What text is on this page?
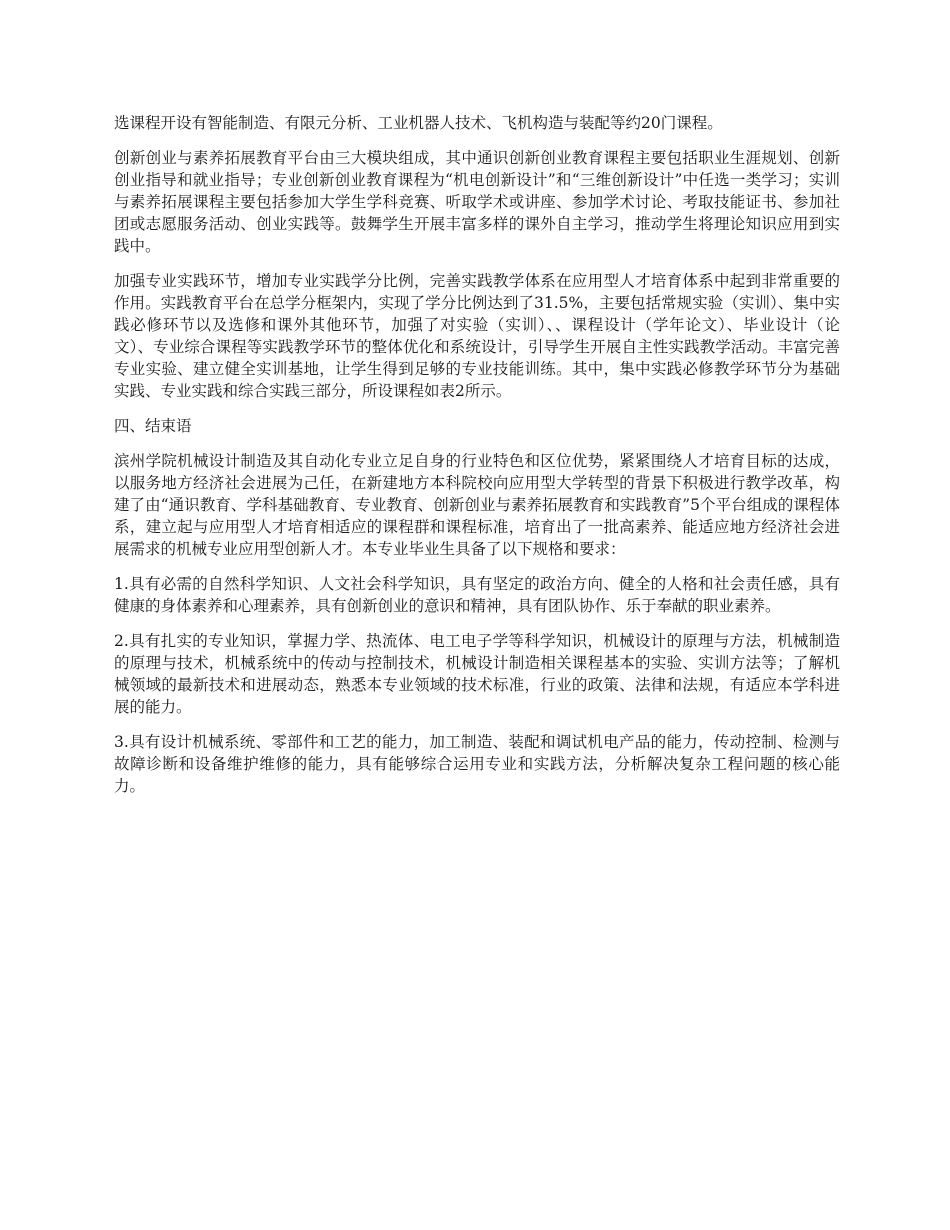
选课程开设有智能制造、有限元分析、工业机器人技术、飞机构造与装配等约20门课程。

创新创业与素养拓展教育平台由三大模块组成，其中通识创新创业教育课程主要包括职业生涯规划、创新创业指导和就业指导；专业创新创业教育课程为“机电创新设计”和“三维创新设计”中任选一类学习；实训与素养拓展课程主要包括参加大学生学科竞赛、听取学术或讲座、参加学术讨论、考取技能证书、参加社团或志愿服务活动、创业实践等。鼓舞学生开展丰富多样的课外自主学习，推动学生将理论知识应用到实践中。

加强专业实践环节，增加专业实践学分比例，完善实践教学体系在应用型人才培育体系中起到非常重要的作用。实践教育平台在总学分框架内，实现了学分比例达到了31.5%，主要包括常规实验（实训）、集中实践必修环节以及选修和课外其他环节，加强了对实验（实训）、、课程设计（学年论文）、毕业设计（论文）、专业综合课程等实践教学环节的整体优化和系统设计，引导学生开展自主性实践教学活动。丰富完善专业实验、建立健全实训基地，让学生得到足够的专业技能训练。其中，集中实践必修教学环节分为基础实践、专业实践和综合实践三部分，所设课程如表2所示。

四、结束语

滨州学院机械设计制造及其自动化专业立足自身的行业特色和区位优势，紧紧围绕人才培育目标的达成，以服务地方经济社会进展为己任，在新建地方本科院校向应用型大学转型的背景下积极进行教学改革，构建了由“通识教育、学科基础教育、专业教育、创新创业与素养拓展教育和实践教育”5个平台组成的课程体系，建立起与应用型人才培育相适应的课程群和课程标准，培育出了一批高素养、能适应地方经济社会进展需求的机械专业应用型创新人才。本专业毕业生具备了以下规格和要求：

1.具有必需的自然科学知识、人文社会科学知识，具有坚定的政治方向、健全的人格和社会责任感，具有健康的身体素养和心理素养，具有创新创业的意识和精神，具有团队协作、乐于奉献的职业素养。

2.具有扎实的专业知识，掌握力学、热流体、电工电子学等科学知识，机械设计的原理与方法，机械制造的原理与技术，机械系统中的传动与控制技术，机械设计制造相关课程基本的实验、实训方法等；了解机械领域的最新技术和进展动态，熟悉本专业领域的技术标准，行业的政策、法律和法规，有适应本学科进展的能力。

3.具有设计机械系统、零部件和工艺的能力，加工制造、装配和调试机电产品的能力，传动控制、检测与故障诊断和设备维护维修的能力，具有能够综合运用专业和实践方法，分析解决复杂工程问题的核心能力。
